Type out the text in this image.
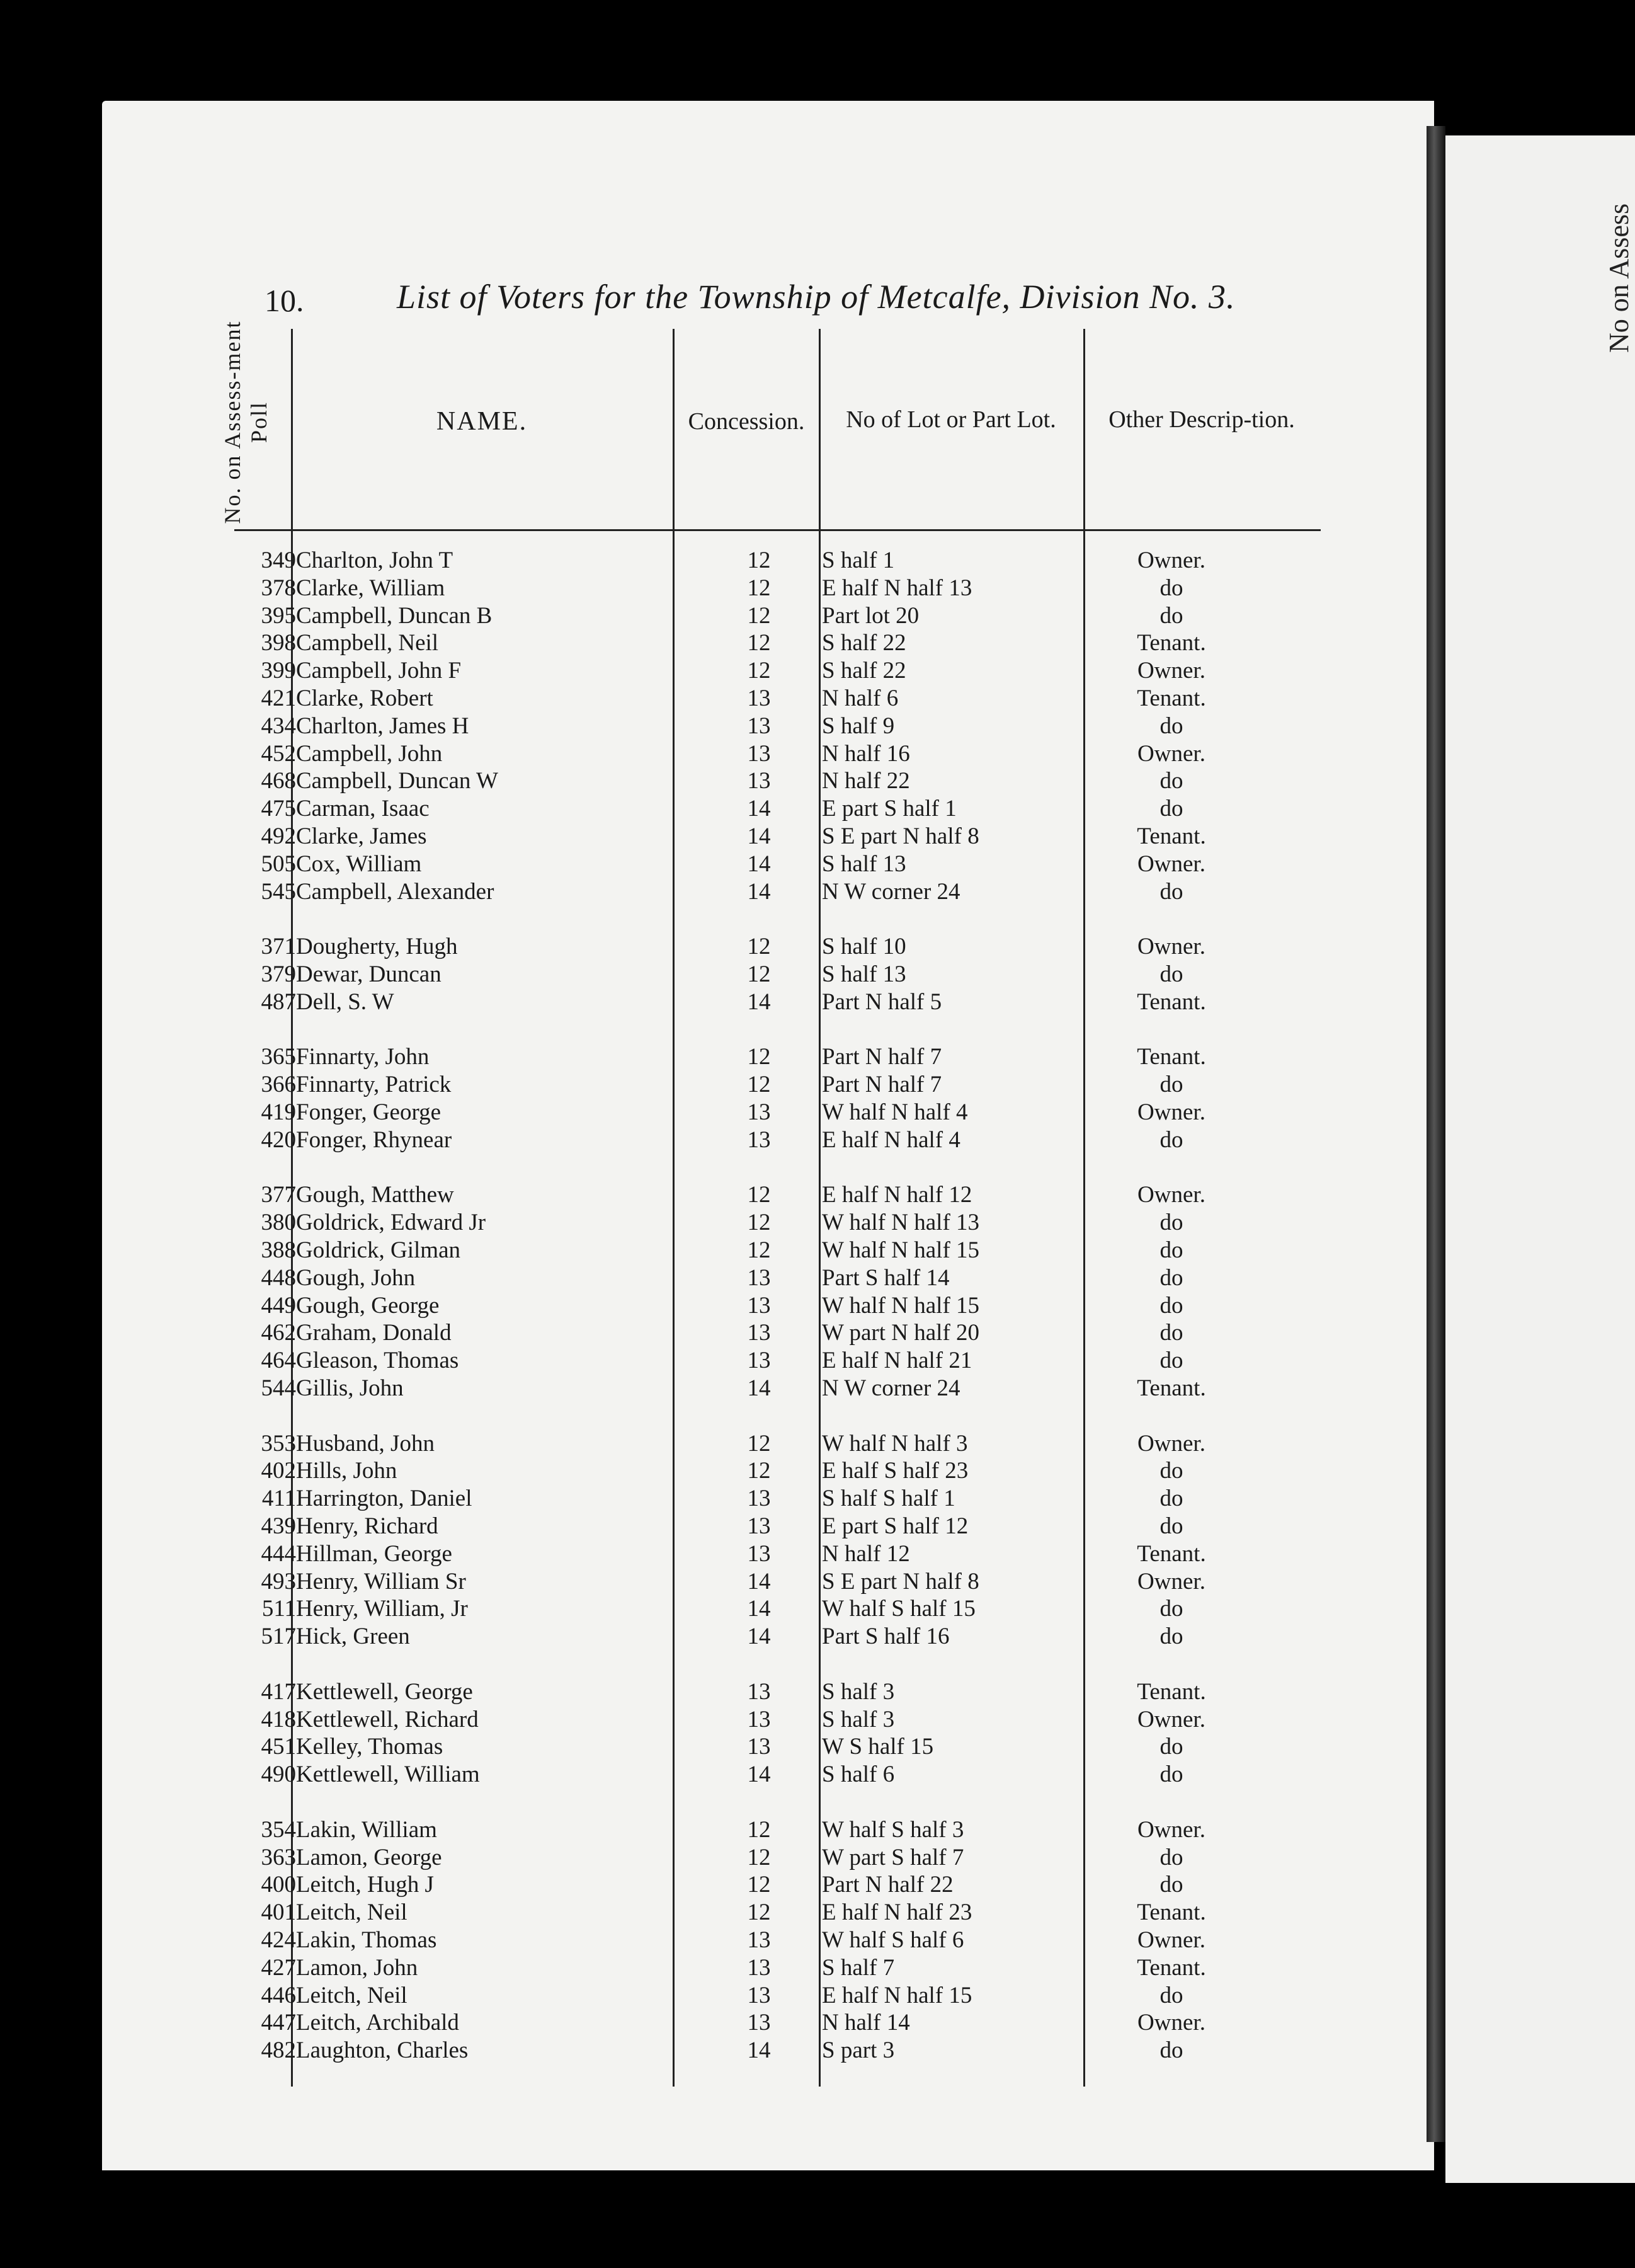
No on Assess
10.	List of Voters for the Township of Metcalfe, Division No. 3.
No. on Assess-ment Poll	NAME.	Concession.	No of Lot or Part Lot.	Other Descrip-tion.
349 Charlton, John T	12	S half 1	Owner.
378 Clarke, William	12	E half N half 13	do
395 Campbell, Duncan B	12	Part lot 20	do
398 Campbell, Neil	12	S half 22	Tenant.
399 Campbell, John F	12	S half 22	Owner.
421 Clarke, Robert	13	N half 6	Tenant.
434 Charlton, James H	13	S half 9	do
452 Campbell, John	13	N half 16	Owner.
468 Campbell, Duncan W	13	N half 22	do
475 Carman, Isaac	14	E part S half 1	do
492 Clarke, James	14	S E part N half 8	Tenant.
505 Cox, William	14	S half 13	Owner.
545 Campbell, Alexander	14	N W corner 24	do
371 Dougherty, Hugh	12	S half 10	Owner.
379 Dewar, Duncan	12	S half 13	do
487 Dell, S. W	14	Part N half 5	Tenant.
365 Finnarty, John	12	Part N half 7	Tenant.
366 Finnarty, Patrick	12	Part N half 7	do
419 Fonger, George	13	W half N half 4	Owner.
420 Fonger, Rhynear	13	E half N half 4	do
377 Gough, Matthew	12	E half N half 12	Owner.
380 Goldrick, Edward Jr	12	W half N half 13	do
388 Goldrick, Gilman	12	W half N half 15	do
448 Gough, John	13	Part S half 14	do
449 Gough, George	13	W half N half 15	do
462 Graham, Donald	13	W part N half 20	do
464 Gleason, Thomas	13	E half N half 21	do
544 Gillis, John	14	N W corner 24	Tenant.
353 Husband, John	12	W half N half 3	Owner.
402 Hills, John	12	E half S half 23	do
411 Harrington, Daniel	13	S half S half 1	do
439 Henry, Richard	13	E part S half 12	do
444 Hillman, George	13	N half 12	Tenant.
493 Henry, William Sr	14	S E part N half 8	Owner.
511 Henry, William, Jr	14	W half S half 15	do
517 Hick, Green	14	Part S half 16	do
417 Kettlewell, George	13	S half 3	Tenant.
418 Kettlewell, Richard	13	S half 3	Owner.
451 Kelley, Thomas	13	W S half 15	do
490 Kettlewell, William	14	S half 6	do
354 Lakin, William	12	W half S half 3	Owner.
363 Lamon, George	12	W part S half 7	do
400 Leitch, Hugh J	12	Part N half 22	do
401 Leitch, Neil	12	E half N half 23	Tenant.
424 Lakin, Thomas	13	W half S half 6	Owner.
427 Lamon, John	13	S half 7	Tenant.
446 Leitch, Neil	13	E half N half 15	do
447 Leitch, Archibald	13	N half 14	Owner.
482 Laughton, Charles	14	S part 3	do
